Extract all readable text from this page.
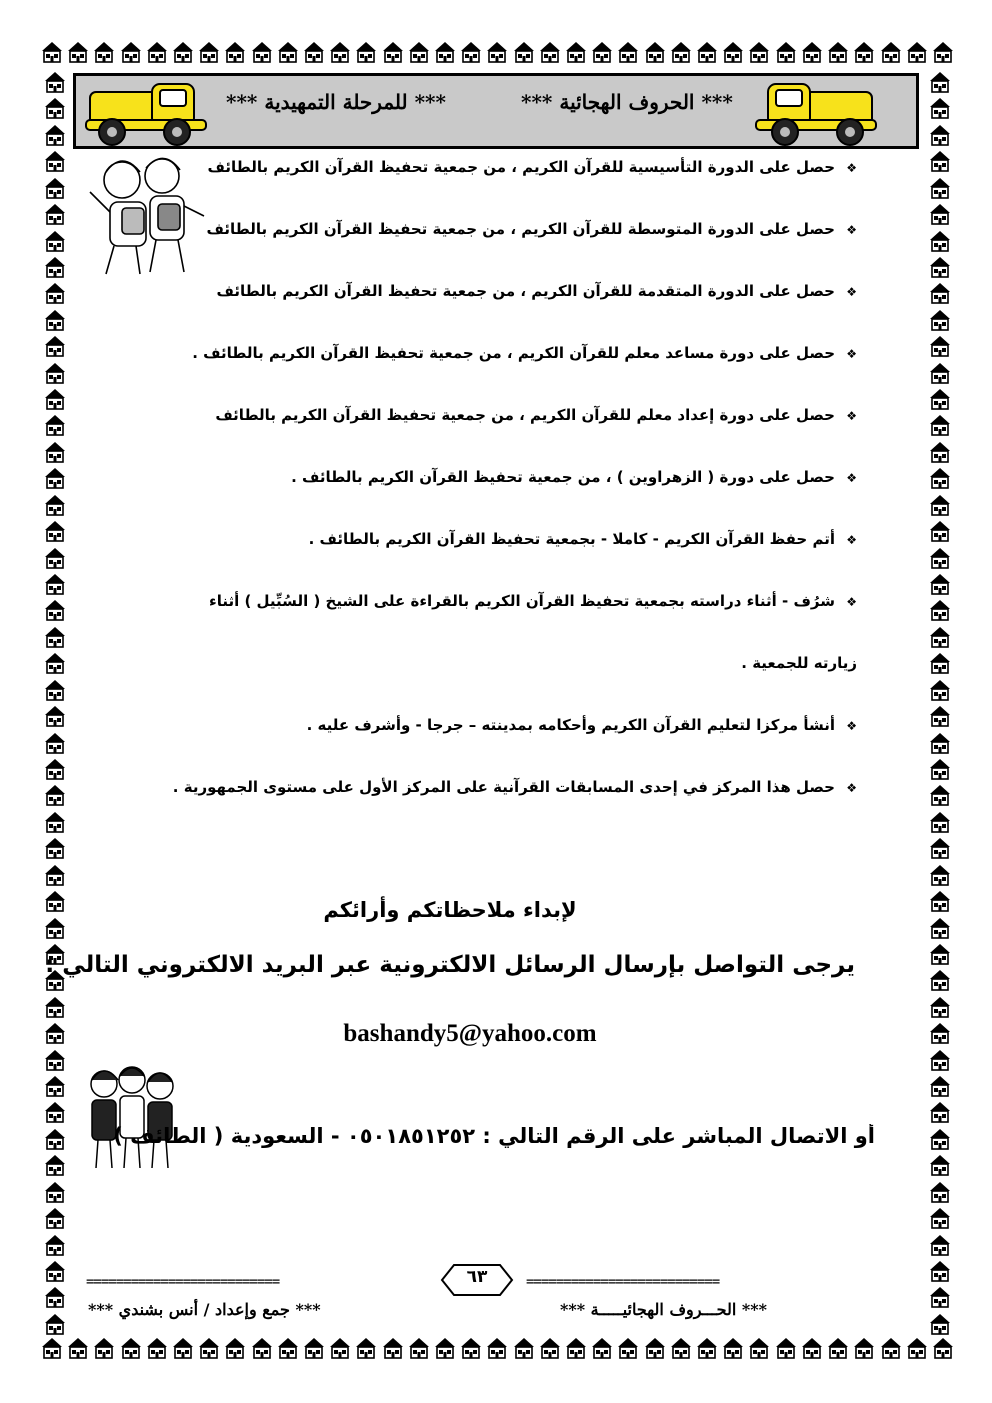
*** للمرحلة التمهيدية ***	*** الحروف الهجائية ***
❖
حصل على الدورة التأسيسية للقرآن الكريم ، من جمعية تحفيظ القرآن الكريم بالطائف
❖
حصل على الدورة المتوسطة للقرآن الكريم ، من جمعية تحفيظ القرآن الكريم بالطائف
❖
حصل على الدورة المتقدمة للقرآن الكريم ، من جمعية تحفيظ القرآن الكريم بالطائف
❖
حصل على دورة مساعد معلم للقرآن الكريم ، من جمعية تحفيظ القرآن الكريم بالطائف .
❖
حصل على دورة إعداد معلم للقرآن الكريم ، من جمعية تحفيظ القرآن الكريم بالطائف
❖
حصل على دورة ( الزهراوين ) ، من جمعية تحفيظ القرآن الكريم بالطائف .
❖
أتم حفظ القرآن الكريم - كاملا - بجمعية تحفيظ القرآن الكريم بالطائف .
❖
شرُف - أثناء دراسته بجمعية تحفيظ القرآن الكريم بالقراءة على الشيخ ( السُبِّيل ) أثناء
زيارته للجمعية .
❖
أنشأ مركزا لتعليم القرآن الكريم وأحكامه بمدينته – جرجا - وأشرف عليه .
❖
حصل هذا المركز في إحدى المسابقات القرآنية على المركز الأول على مستوى الجمهورية .
لإبداء ملاحظاتكم وأرائكم
يرجى التواصل بإرسال الرسائل الالكترونية عبر البريد الالكتروني التالي :
bashandy5@yahoo.com
أو الاتصال المباشر على الرقم التالي : ٠٥٠١٨٥١٢٥٢ - السعودية ( الطائف )
==========================	==========================
٦٣
*** جمع وإعداد / أنس بشندي ***	*** الحـــروف الهجائيـــــة ***
